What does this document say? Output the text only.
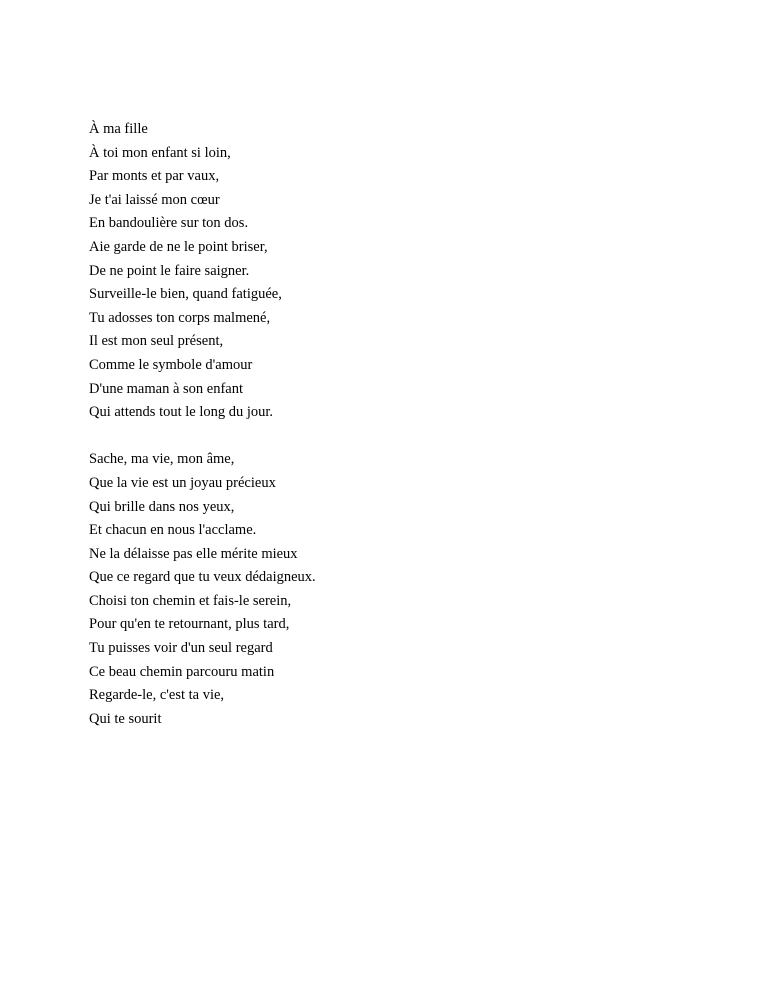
À ma fille
À toi mon enfant si loin,
Par monts et par vaux,
Je t'ai laissé mon cœur
En bandoulière sur ton dos.
Aie garde de ne le point briser,
De ne point le faire saigner.
Surveille-le bien, quand fatiguée,
Tu adosses ton corps malmené,
Il est mon seul présent,
Comme le symbole d'amour
D'une maman à son enfant
Qui attends tout le long du jour.
Sache, ma vie, mon âme,
Que la vie est un joyau précieux
Qui brille dans nos yeux,
Et chacun en nous l'acclame.
Ne la délaisse pas elle mérite mieux
Que ce regard que tu veux dédaigneux.
Choisi ton chemin et fais-le serein,
Pour qu'en te retournant, plus tard,
Tu puisses voir d'un seul regard
Ce beau chemin parcouru matin
Regarde-le, c'est ta vie,
Qui te sourit
